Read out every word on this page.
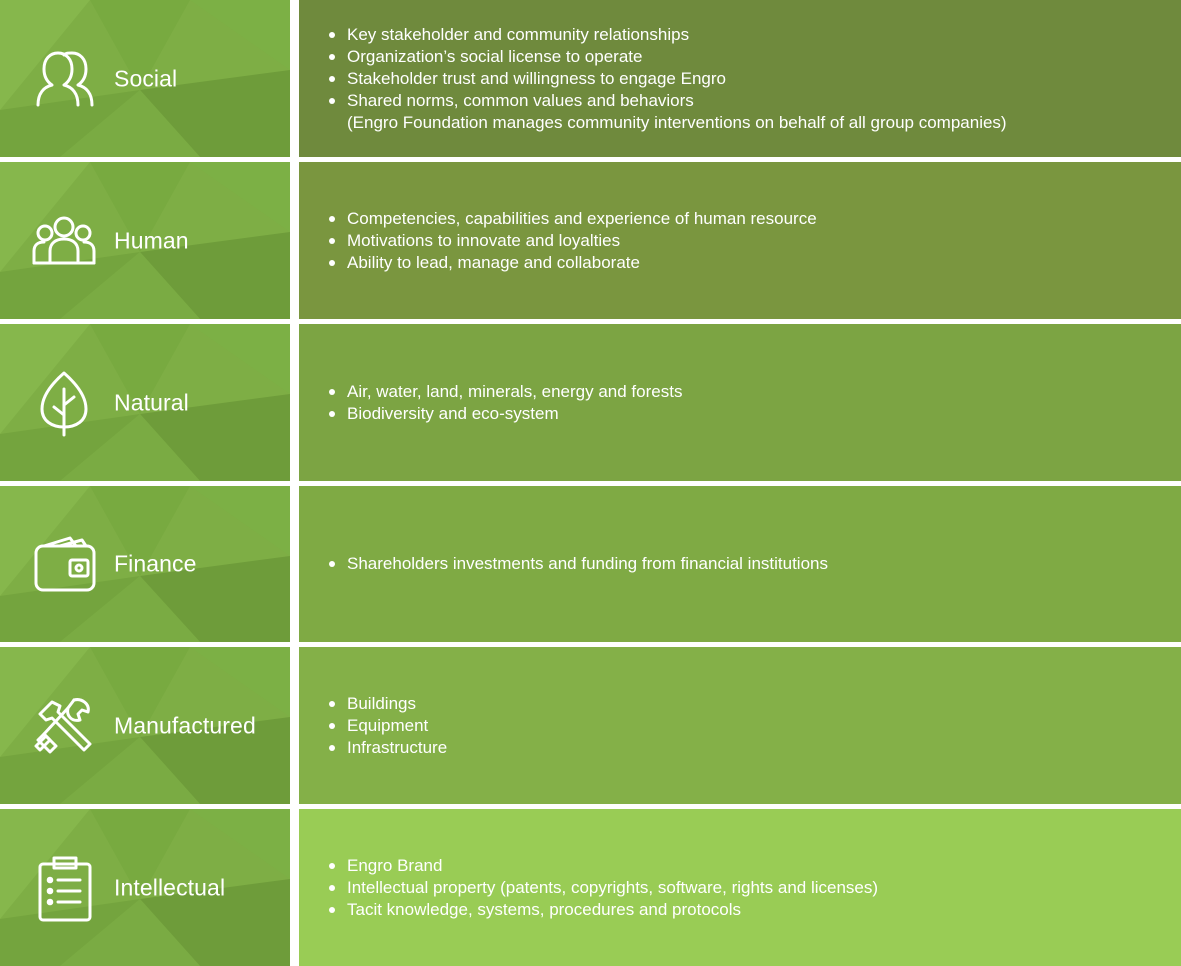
Social
Key stakeholder and community relationships
Organization’s social license to operate
Stakeholder trust and willingness to engage Engro
Shared norms, common values and behaviors
(Engro Foundation manages community interventions on behalf of all group companies)
Human
Competencies, capabilities and experience of human resource
Motivations to innovate and loyalties
Ability to lead, manage and collaborate
Natural	Air, water, land, minerals, energy and forests
Biodiversity and eco-system
Finance	Shareholders investments and funding from financial institutions
Manufactured
Buildings
Equipment
Infrastructure
Intellectual
Engro Brand
Intellectual property (patents, copyrights, software, rights and licenses)
Tacit knowledge, systems, procedures and protocols
